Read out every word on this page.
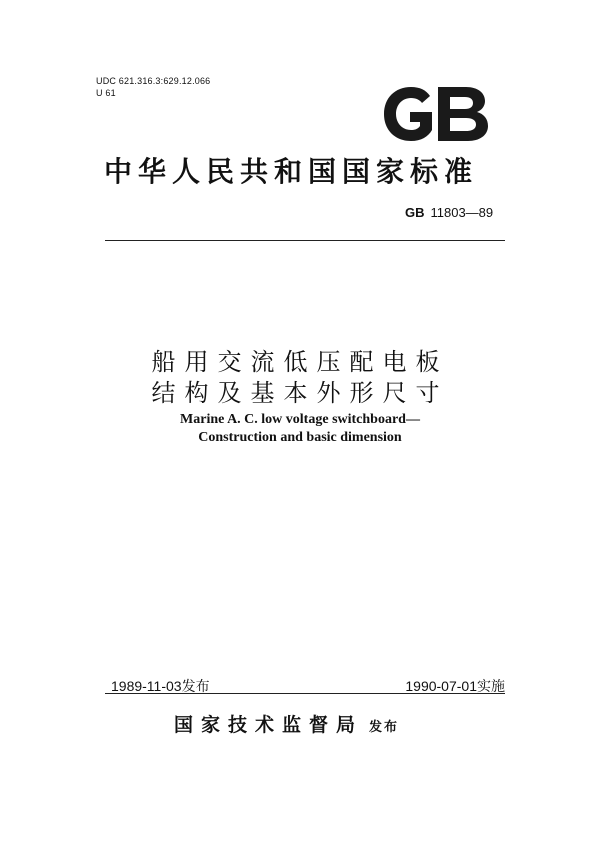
UDC 621.316.3:629.12.066
U 61
中华人民共和国国家标准
GB 11803—89
船用交流低压配电板
结构及基本外形尺寸
Marine A. C. low voltage switchboard—
Construction and basic dimension
1989-11-03发布	1990-07-01实施
国家技术监督局 发布
